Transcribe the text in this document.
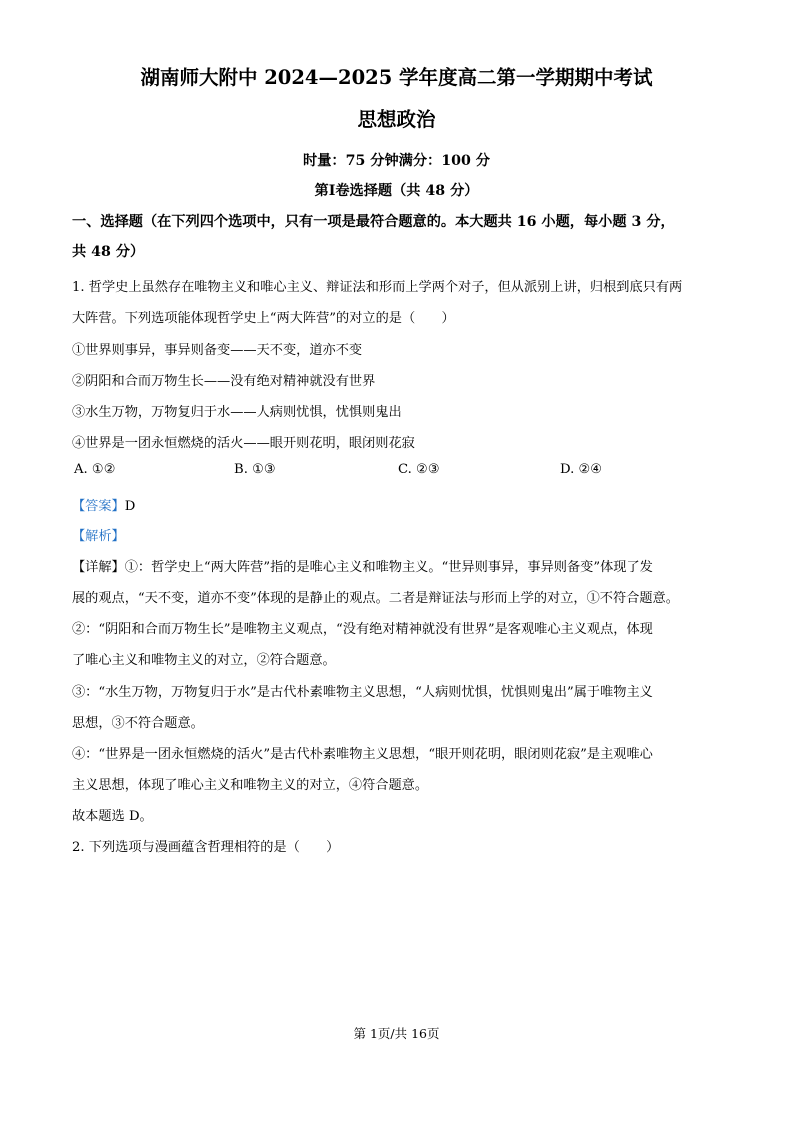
湖南师大附中 2024—2025 学年度高二第一学期期中考试
思想政治
时量：75 分钟满分：100 分
第Ⅰ卷选择题（共 48 分）
一、选择题（在下列四个选项中，只有一项是最符合题意的。本大题共 16 小题，每小题 3 分，
共 48 分）
1. 哲学史上虽然存在唯物主义和唯心主义、辩证法和形而上学两个对子，但从派别上讲，归根到底只有两
大阵营。下列选项能体现哲学史上“两大阵营”的对立的是（　　）
①世界则事异，事异则备变——天不变，道亦不变
②阴阳和合而万物生长——没有绝对精神就没有世界
③水生万物，万物复归于水——人病则忧惧，忧惧则鬼出
④世界是一团永恒燃烧的活火——眼开则花明，眼闭则花寂
A. ①②	B. ①③	C. ②③	D. ②④
【答案】D
【解析】
【详解】①：哲学史上“两大阵营”指的是唯心主义和唯物主义。“世异则事异，事异则备变”体现了发
展的观点，“天不变，道亦不变”体现的是静止的观点。二者是辩证法与形而上学的对立，①不符合题意。
②：“阴阳和合而万物生长”是唯物主义观点，“没有绝对精神就没有世界”是客观唯心主义观点，体现
了唯心主义和唯物主义的对立，②符合题意。
③：“水生万物，万物复归于水”是古代朴素唯物主义思想，“人病则忧惧，忧惧则鬼出”属于唯物主义
思想，③不符合题意。
④：“世界是一团永恒燃烧的活火”是古代朴素唯物主义思想，“眼开则花明，眼闭则花寂”是主观唯心
主义思想，体现了唯心主义和唯物主义的对立，④符合题意。
故本题选 D。
2. 下列选项与漫画蕴含哲理相符的是（　　）
第 1页/共 16页
